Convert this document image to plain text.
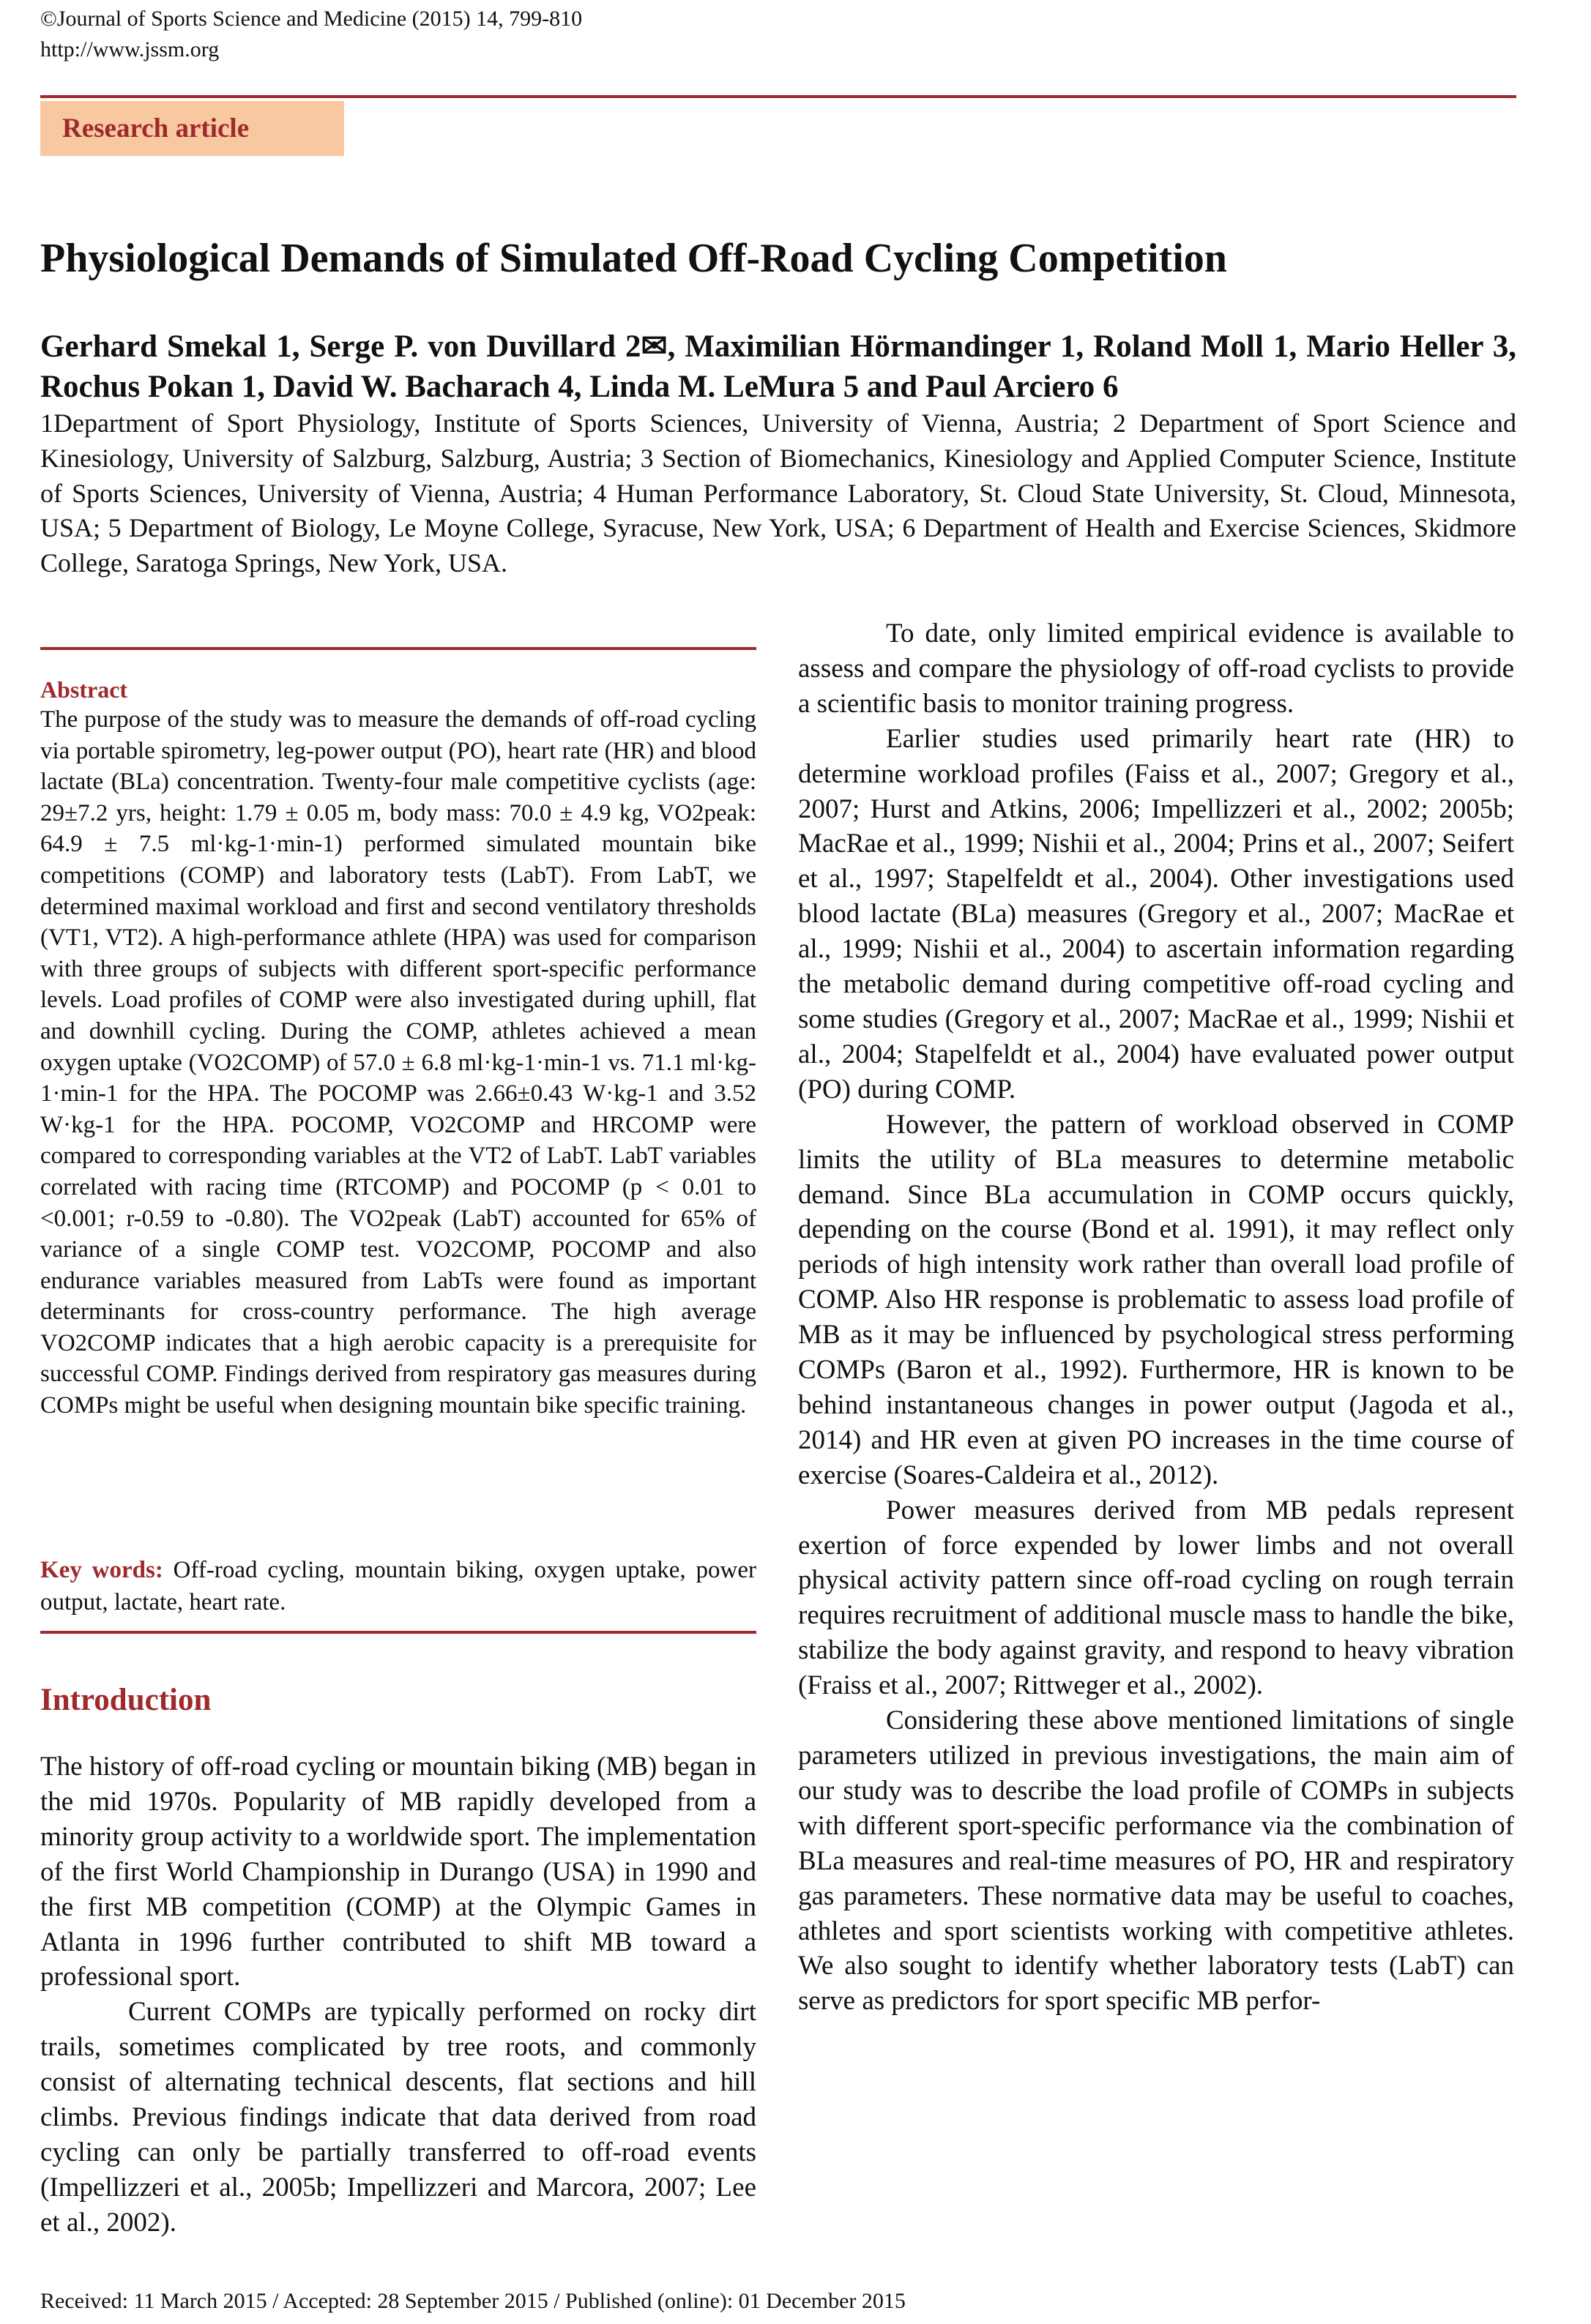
©Journal of Sports Science and Medicine (2015) 14, 799-810
http://www.jssm.org
Research article
Physiological Demands of Simulated Off-Road Cycling Competition
Gerhard Smekal 1, Serge P. von Duvillard 2✉, Maximilian Hörmandinger 1, Roland Moll 1, Mario Heller 3, Rochus Pokan 1, David W. Bacharach 4, Linda M. LeMura 5 and Paul Arciero 6
1Department of Sport Physiology, Institute of Sports Sciences, University of Vienna, Austria; 2 Department of Sport Science and Kinesiology, University of Salzburg, Salzburg, Austria; 3 Section of Biomechanics, Kinesiology and Applied Computer Science, Institute of Sports Sciences, University of Vienna, Austria; 4 Human Performance Laboratory, St. Cloud State University, St. Cloud, Minnesota, USA; 5 Department of Biology, Le Moyne College, Syracuse, New York, USA; 6 Department of Health and Exercise Sciences, Skidmore College, Saratoga Springs, New York, USA.
Abstract
The purpose of the study was to measure the demands of off-road cycling via portable spirometry, leg-power output (PO), heart rate (HR) and blood lactate (BLa) concentration. Twenty-four male competitive cyclists (age: 29±7.2 yrs, height: 1.79 ± 0.05 m, body mass: 70.0 ± 4.9 kg, VO2peak: 64.9 ± 7.5 ml·kg-1·min-1) performed simulated mountain bike competitions (COMP) and laboratory tests (LabT). From LabT, we determined maximal workload and first and second ventilatory thresholds (VT1, VT2). A high-performance athlete (HPA) was used for comparison with three groups of subjects with different sport-specific performance levels. Load profiles of COMP were also investigated during uphill, flat and downhill cycling. During the COMP, athletes achieved a mean oxygen uptake (VO2COMP) of 57.0 ± 6.8 ml·kg-1·min-1 vs. 71.1 ml·kg-1·min-1 for the HPA. The POCOMP was 2.66±0.43 W·kg-1 and 3.52 W·kg-1 for the HPA. POCOMP, VO2COMP and HRCOMP were compared to corresponding variables at the VT2 of LabT. LabT variables correlated with racing time (RTCOMP) and POCOMP (p < 0.01 to <0.001; r-0.59 to -0.80). The VO2peak (LabT) accounted for 65% of variance of a single COMP test. VO2COMP, POCOMP and also endurance variables measured from LabTs were found as important determinants for cross-country performance. The high average VO2COMP indicates that a high aerobic capacity is a prerequisite for successful COMP. Findings derived from respiratory gas measures during COMPs might be useful when designing mountain bike specific training.
Key words: Off-road cycling, mountain biking, oxygen uptake, power output, lactate, heart rate.
Introduction

The history of off-road cycling or mountain biking (MB) began in the mid 1970s. Popularity of MB rapidly developed from a minority group activity to a worldwide sport. The implementation of the first World Championship in Durango (USA) in 1990 and the first MB competition (COMP) at the Olympic Games in Atlanta in 1996 further contributed to shift MB toward a professional sport.

Current COMPs are typically performed on rocky dirt trails, sometimes complicated by tree roots, and commonly consist of alternating technical descents, flat sections and hill climbs. Previous findings indicate that data derived from road cycling can only be partially transferred to off-road events (Impellizzeri et al., 2005b; Impellizzeri and Marcora, 2007; Lee et al., 2002).

To date, only limited empirical evidence is available to assess and compare the physiology of off-road cyclists to provide a scientific basis to monitor training progress.

Earlier studies used primarily heart rate (HR) to determine workload profiles (Faiss et al., 2007; Gregory et al., 2007; Hurst and Atkins, 2006; Impellizzeri et al., 2002; 2005b; MacRae et al., 1999; Nishii et al., 2004; Prins et al., 2007; Seifert et al., 1997; Stapelfeldt et al., 2004). Other investigations used blood lactate (BLa) measures (Gregory et al., 2007; MacRae et al., 1999; Nishii et al., 2004) to ascertain information regarding the metabolic demand during competitive off-road cycling and some studies (Gregory et al., 2007; MacRae et al., 1999; Nishii et al., 2004; Stapelfeldt et al., 2004) have evaluated power output (PO) during COMP.

However, the pattern of workload observed in COMP limits the utility of BLa measures to determine metabolic demand. Since BLa accumulation in COMP occurs quickly, depending on the course (Bond et al. 1991), it may reflect only periods of high intensity work rather than overall load profile of COMP. Also HR response is problematic to assess load profile of MB as it may be influenced by psychological stress performing COMPs (Baron et al., 1992). Furthermore, HR is known to be behind instantaneous changes in power output (Jagoda et al., 2014) and HR even at given PO increases in the time course of exercise (Soares-Caldeira et al., 2012).

Power measures derived from MB pedals represent exertion of force expended by lower limbs and not overall physical activity pattern since off-road cycling on rough terrain requires recruitment of additional muscle mass to handle the bike, stabilize the body against gravity, and respond to heavy vibration (Fraiss et al., 2007; Rittweger et al., 2002).

Considering these above mentioned limitations of single parameters utilized in previous investigations, the main aim of our study was to describe the load profile of COMPs in subjects with different sport-specific performance via the combination of BLa measures and real-time measures of PO, HR and respiratory gas parameters. These normative data may be useful to coaches, athletes and sport scientists working with competitive athletes. We also sought to identify whether laboratory tests (LabT) can serve as predictors for sport specific MB perfor-

Received: 11 March 2015 / Accepted: 28 September 2015 / Published (online): 01 December 2015
